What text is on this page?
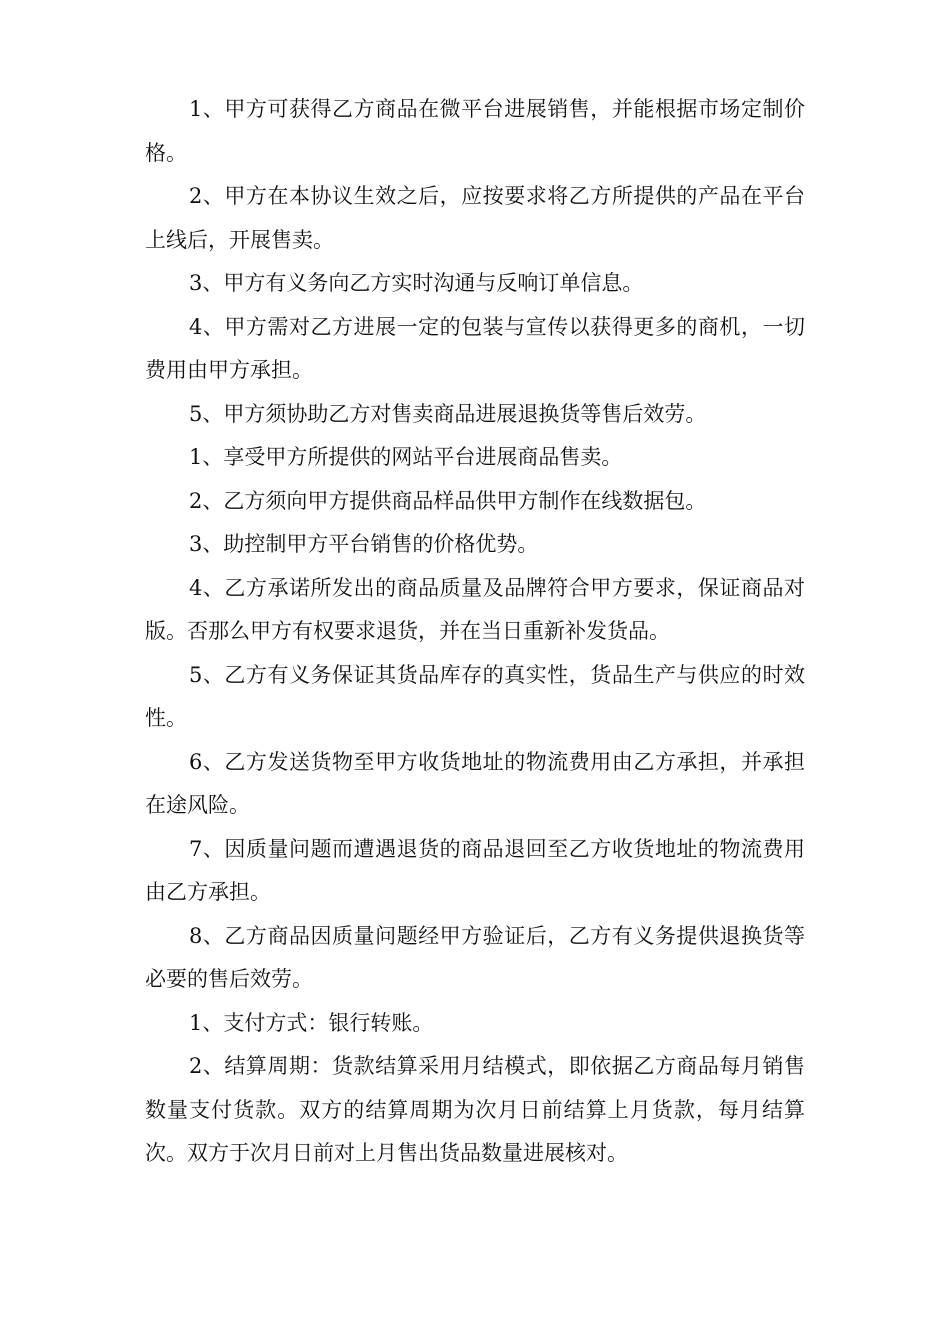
1、甲方可获得乙方商品在微平台进展销售，并能根据市场定制价格。

2、甲方在本协议生效之后，应按要求将乙方所提供的产品在平台上线后，开展售卖。

3、甲方有义务向乙方实时沟通与反响订单信息。

4、甲方需对乙方进展一定的包装与宣传以获得更多的商机，一切费用由甲方承担。

5、甲方须协助乙方对售卖商品进展退换货等售后效劳。

1、享受甲方所提供的网站平台进展商品售卖。

2、乙方须向甲方提供商品样品供甲方制作在线数据包。

3、助控制甲方平台销售的价格优势。

4、乙方承诺所发出的商品质量及品牌符合甲方要求，保证商品对版。否那么甲方有权要求退货，并在当日重新补发货品。

5、乙方有义务保证其货品库存的真实性，货品生产与供应的时效性。

6、乙方发送货物至甲方收货地址的物流费用由乙方承担，并承担在途风险。

7、因质量问题而遭遇退货的商品退回至乙方收货地址的物流费用由乙方承担。

8、乙方商品因质量问题经甲方验证后，乙方有义务提供退换货等必要的售后效劳。

1、支付方式：银行转账。

2、结算周期：货款结算采用月结模式，即依据乙方商品每月销售数量支付货款。双方的结算周期为次月日前结算上月货款，每月结算次。双方于次月日前对上月售出货品数量进展核对。
